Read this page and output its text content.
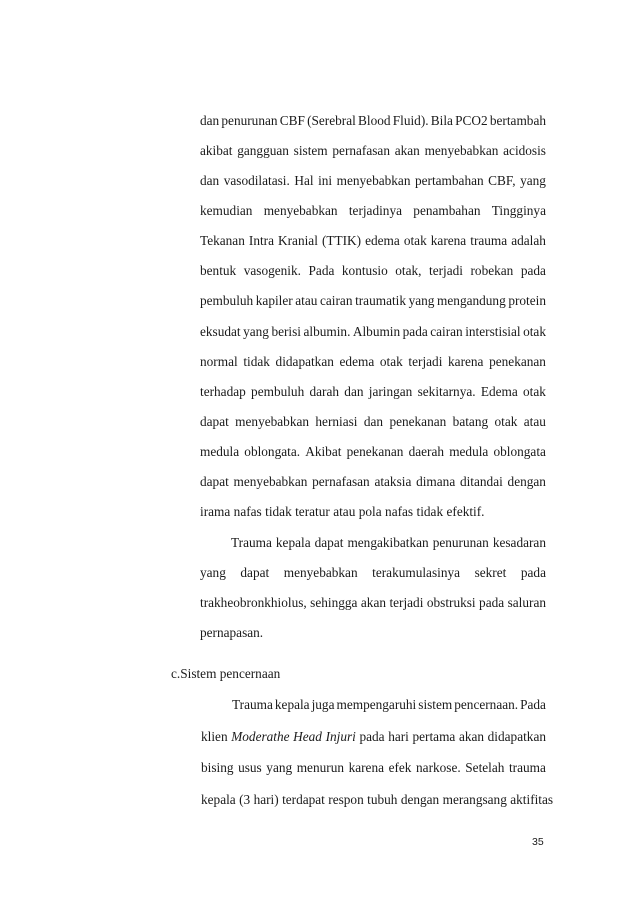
dan penurunan CBF (Serebral Blood Fluid). Bila PCO2 bertambah
akibat gangguan sistem pernafasan akan menyebabkan acidosis
dan vasodilatasi. Hal ini menyebabkan pertambahan CBF, yang
kemudian menyebabkan terjadinya penambahan Tingginya
Tekanan Intra Kranial (TTIK) edema otak karena trauma adalah
bentuk vasogenik. Pada kontusio otak, terjadi robekan pada
pembuluh kapiler atau cairan traumatik yang mengandung protein
eksudat yang berisi albumin. Albumin pada cairan interstisial otak
normal tidak didapatkan edema otak terjadi karena penekanan
terhadap pembuluh darah dan jaringan sekitarnya. Edema otak
dapat menyebabkan herniasi dan penekanan batang otak atau
medula oblongata. Akibat penekanan daerah medula oblongata
dapat menyebabkan pernafasan ataksia dimana ditandai dengan
irama nafas tidak teratur atau pola nafas tidak efektif.
Trauma kepala dapat mengakibatkan penurunan kesadaran
yang dapat menyebabkan terakumulasinya sekret pada
trakheobronkhiolus, sehingga akan terjadi obstruksi pada saluran
pernapasan.
c.Sistem pencernaan
Trauma kepala juga mempengaruhi sistem pencernaan. Pada
klien Moderathe Head Injuri pada hari pertama akan didapatkan
bising usus yang menurun karena efek narkose. Setelah trauma
kepala (3 hari) terdapat respon tubuh dengan merangsang aktifitas
35
